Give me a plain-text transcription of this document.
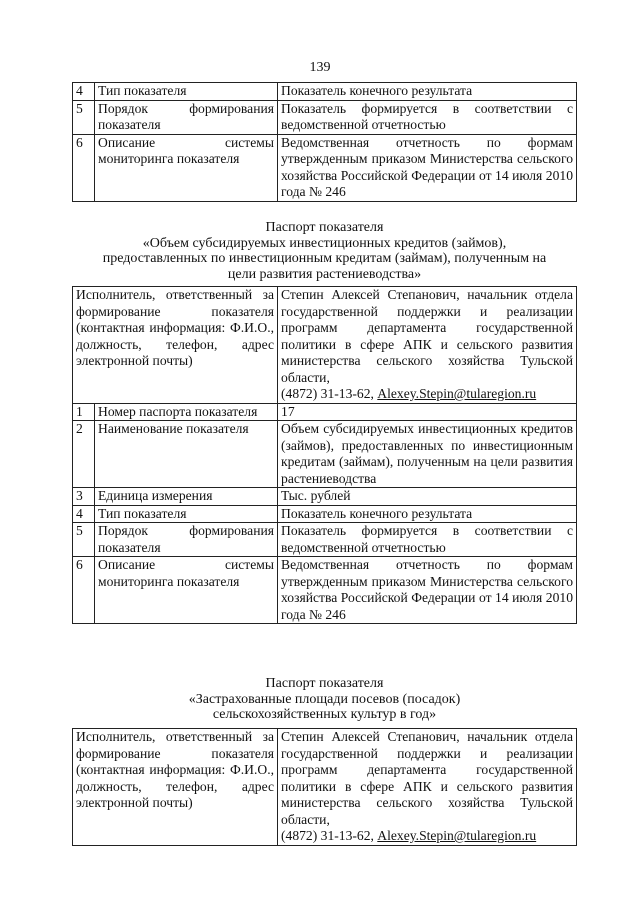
139
4	Тип показателя	Показатель конечного результата
5	Порядок формирования показателя	Показатель формируется в соответствии с ведомственной отчетностью
6	Описание системы мониторинга показателя	Ведомственная отчетность по формам утвержденным приказом Министерства сельского хозяйства Российской Федерации от 14 июля 2010 года № 246
Паспорт показателя
«Объем субсидируемых инвестиционных кредитов (займов),
предоставленных по инвестиционным кредитам (займам), полученным на
цели развития растениеводства»
Исполнитель, ответственный за формирование показателя (контактная информация: Ф.И.О., должность, телефон, адрес электронной почты)		Степин Алексей Степанович, начальник отдела государственной поддержки и реализации программ департамента государственной политики в сфере АПК и сельского развития министерства сельского хозяйства Тульской области,
(4872) 31-13-62, Alexey.Stepin@tularegion.ru
1	Номер паспорта показателя	17
2	Наименование показателя	Объем субсидируемых инвестиционных кредитов (займов), предоставленных по инвестиционным кредитам (займам), полученным на цели развития растениеводства
3	Единица измерения	Тыс. рублей
4	Тип показателя	Показатель конечного результата
5	Порядок формирования показателя	Показатель формируется в соответствии с ведомственной отчетностью
6	Описание системы мониторинга показателя	Ведомственная отчетность по формам утвержденным приказом Министерства сельского хозяйства Российской Федерации от 14 июля 2010 года № 246
Паспорт показателя
«Застрахованные площади посевов (посадок)
сельскохозяйственных культур в год»
Исполнитель, ответственный за формирование показателя (контактная информация: Ф.И.О., должность, телефон, адрес электронной почты)	Степин Алексей Степанович, начальник отдела государственной поддержки и реализации программ департамента государственной политики в сфере АПК и сельского развития министерства сельского хозяйства Тульской области,
(4872) 31-13-62, Alexey.Stepin@tularegion.ru
